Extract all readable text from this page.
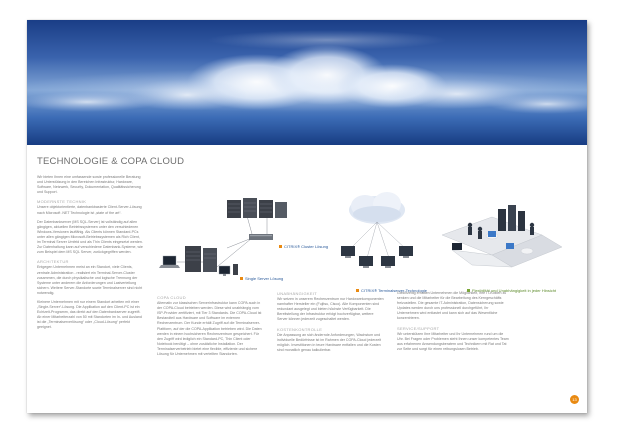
TECHNOLOGIE & COPA CLOUD

Wir bieten Ihnen eine umfassende sowie professionelle Beratung und Unterstützung in den Bereichen Infrastruktur, Hardware, Software, Netzwerk, Security, Dokumentation, Qualitätssicherung und Support.

MODERNSTE TECHNIK

Unsere objektorientierte, datenbankbasierte Client-Server-Lösung nach Microsoft .NET Technologie ist „state of the art“.

Der Datenbankserver (MS SQL-Server) ist vollständig auf allen gängigen, aktuellen Betriebssystemen unter den verschiedenen Windows-Versionen lauffähig. Als Clients können Standard-PCs unter allen gängigen Microsoft-Betriebssystemen als Rich Client, im Terminal Server Umfeld und als Thin Clients eingesetzt werden. Zur Datenhaltung kann auf verschiedene Datenbank-Systeme, wie zum Beispiel dem MS SQL Server, zurückgegriffen werden.

ARCHITEKTUR

Entgegen Unternehmen meist an ein Standort, viele Clients, zentrale Administration - realisiert ein Terminal-Server-Cluster zusammen, die durch physikalische und logische Trennung der Systeme unter anderem die Anforderungen und Lastverteilung sichern. Weitere Server-Standorte sowie Terminalserver sind nicht notwendig.

Kleinere Unternehmen mit nur einem Standort arbeiten mit einer „Single-Server“-Lösung. Die Applikation auf den Client-PC ist ein Echtzeit-Programm, das direkt auf den Datenbankserver zugreift. Ab einer Mitarbeiterzahl von 50 mit Standorten im In- und Ausland ist die „Terminalserverlösung“ oder „Cloud-Lösung“ perfekt geeignet.

CITRIX® Cluster Lösung
Single Server Lösung
COPA CLOUD

Alternativ zur klassischen Serverinfrastruktur kann COPA auch in der COPA-Cloud betrieben werden. Diese wird unabhängig vom ISP-Provider zertifiziert, mit Tier 3 Standards. Die COPA-Cloud ist Bestandteil aus Hardware und Software im externen Rechenzentrum. Der Kunde erhält Zugriff auf die Terminalserver-Plattform, auf der die COPA-Applikation betrieben wird. Die Daten werden in einem hochsicheren Rechenzentrum gespeichert. Für den Zugriff wird lediglich ein Standard-PC, Thin Client oder Notebook benötigt – ohne zusätzliche Installation. Der Terminalserverbetrieb bietet eine flexible, effiziente und sichere Lösung für Unternehmen mit verteilten Standorten.

CITRIX® Terminalserver-Technologie
UNABHÄNGIGKEIT

Wir setzen in unserem Rechenzentrum nur Hardwarekomponenten namhafter Hersteller ein (Fujitsu, Cisco). Alle Komponenten sind redundant ausgelegt und bieten höchste Verfügbarkeit. Die Bereitstellung der Infrastruktur erfolgt hochverfügbar, weitere Server können jederzeit zugeschaltet werden.

KOSTENKONTROLLE

Die Anpassung an sich ändernde Anforderungen, Wachstum und individuelle Bedürfnisse ist im Rahmen der COPA-Cloud jederzeit möglich. Investitionen in teure Hardware entfallen und die Kosten sind monatlich genau kalkulierbar.

Flexibilität und Unabhängigkeit in jeder Hinsicht

Gleichzeitig erhalten Unternehmen die Möglichkeit, ihre IT-Kosten zu senken und die Mitarbeiter für die Bearbeitung des Kerngeschäfts freizustellen. Die gesamte IT-Administration, Datensicherung sowie Updates werden durch uns professionell durchgeführt, Ihr Unternehmen wird entlastet und kann sich auf das Wesentliche konzentrieren.

SERVICE/SUPPORT

Wir unterstützen Ihre Mitarbeiter und Ihr Unternehmen rund um die Uhr. Bei Fragen oder Problemen steht Ihnen unser kompetentes Team aus erfahrenen Anwendungsberatern und Technikern mit Rat und Tat zur Seite und sorgt für einen reibungslosen Betrieb.

13
